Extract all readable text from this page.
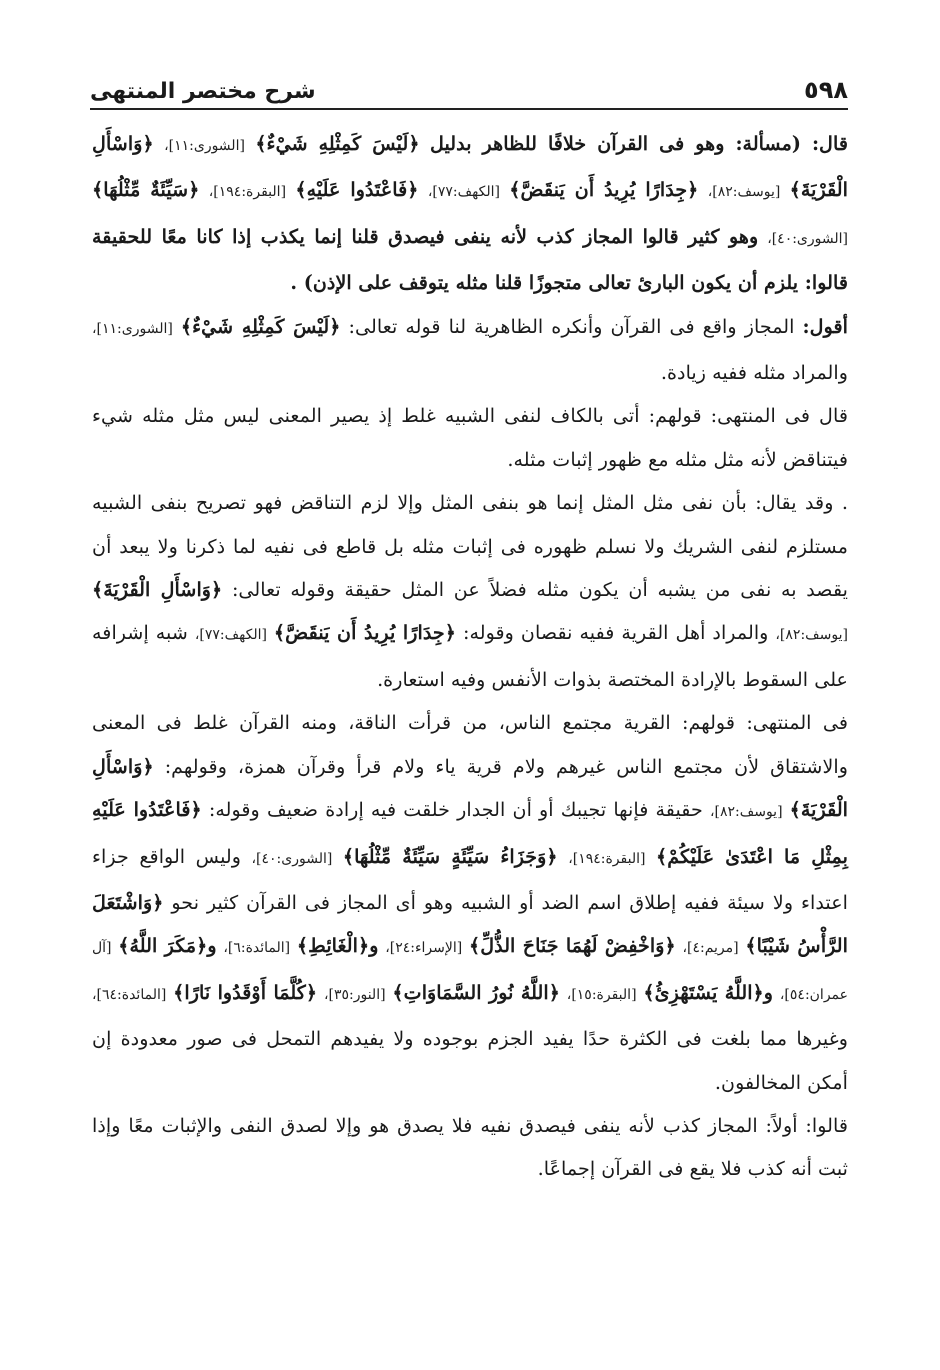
شرح مختصر المنتهى	٥٩٨

قال: (مسألة: وهو فى القرآن خلافًا للظاهر بدليل ﴿لَيْسَ كَمِثْلِهِ شَيْءٌ﴾ [الشورى:١١]، ﴿وَاسْأَلِ الْقَرْيَةَ﴾ [يوسف:٨٢]، ﴿جِدَارًا يُرِيدُ أَن يَنقَضَّ﴾ [الكهف:٧٧]، ﴿فَاعْتَدُوا عَلَيْهِ﴾ [البقرة:١٩٤]، ﴿سَيِّئَةٌ مِّثْلُهَا﴾ [الشورى:٤٠]، وهو كثير قالوا المجاز كذب لأنه ينفى فيصدق قلنا إنما يكذب إذا كانا معًا للحقيقة قالوا: يلزم أن يكون البارئ تعالى متجوزًا قلنا مثله يتوقف على الإذن) .

أقول: المجاز واقع فى القرآن وأنكره الظاهرية لنا قوله تعالى: ﴿لَيْسَ كَمِثْلِهِ شَيْءٌ﴾ [الشورى:١١]، والمراد مثله ففيه زيادة.

قال فى المنتهى: قولهم: أتى بالكاف لنفى الشبيه غلط إذ يصير المعنى ليس مثل مثله شيء فيتناقض لأنه مثل مثله مع ظهور إثبات مثله.

. وقد يقال: بأن نفى مثل المثل إنما هو بنفى المثل وإلا لزم التناقض فهو تصريح بنفى الشبيه مستلزم لنفى الشريك ولا نسلم ظهوره فى إثبات مثله بل قاطع فى نفيه لما ذكرنا ولا يبعد أن يقصد به نفى من يشبه أن يكون مثله فضلاً عن المثل حقيقة وقوله تعالى: ﴿وَاسْأَلِ الْقَرْيَةَ﴾ [يوسف:٨٢]، والمراد أهل القرية ففيه نقصان وقوله: ﴿جِدَارًا يُرِيدُ أَن يَنقَضَّ﴾ [الكهف:٧٧]، شبه إشرافه على السقوط بالإرادة المختصة بذوات الأنفس وفيه استعارة.

فى المنتهى: قولهم: القرية مجتمع الناس، من قرأت الناقة، ومنه القرآن غلط فى المعنى والاشتقاق لأن مجتمع الناس غيرهم ولام قرية ياء ولام قرأ وقرآن همزة، وقولهم: ﴿وَاسْأَلِ الْقَرْيَةَ﴾ [يوسف:٨٢]، حقيقة فإنها تجيبك أو أن الجدار خلقت فيه إرادة ضعيف وقوله: ﴿فَاعْتَدُوا عَلَيْهِ بِمِثْلِ مَا اعْتَدَىٰ عَلَيْكُمْ﴾ [البقرة:١٩٤]، ﴿وَجَزَاءُ سَيِّئَةٍ سَيِّئَةٌ مِّثْلُهَا﴾ [الشورى:٤٠]، وليس الواقع جزاء اعتداء ولا سيئة ففيه إطلاق اسم الضد أو الشبيه وهو أى المجاز فى القرآن كثير نحو ﴿وَاشْتَعَلَ الرَّأْسُ شَيْبًا﴾ [مريم:٤]، ﴿وَاخْفِضْ لَهُمَا جَنَاحَ الذُّلِّ﴾ [الإسراء:٢٤]، و﴿الْغَائِطِ﴾ [المائدة:٦]، و﴿مَكَرَ اللَّهُ﴾ [آل عمران:٥٤]، و﴿اللَّهُ يَسْتَهْزِئُ﴾ [البقرة:١٥]، ﴿اللَّهُ نُورُ السَّمَاوَاتِ﴾ [النور:٣٥]، ﴿كُلَّمَا أَوْقَدُوا نَارًا﴾ [المائدة:٦٤]، وغيرها مما بلغت فى الكثرة حدًا يفيد الجزم بوجوده ولا يفيدهم التمحل فى صور معدودة إن أمكن المخالفون.

قالوا: أولاً: المجاز كذب لأنه ينفى فيصدق نفيه فلا يصدق هو وإلا لصدق النفى والإثبات معًا وإذا ثبت أنه كذب فلا يقع فى القرآن إجماعًا.
